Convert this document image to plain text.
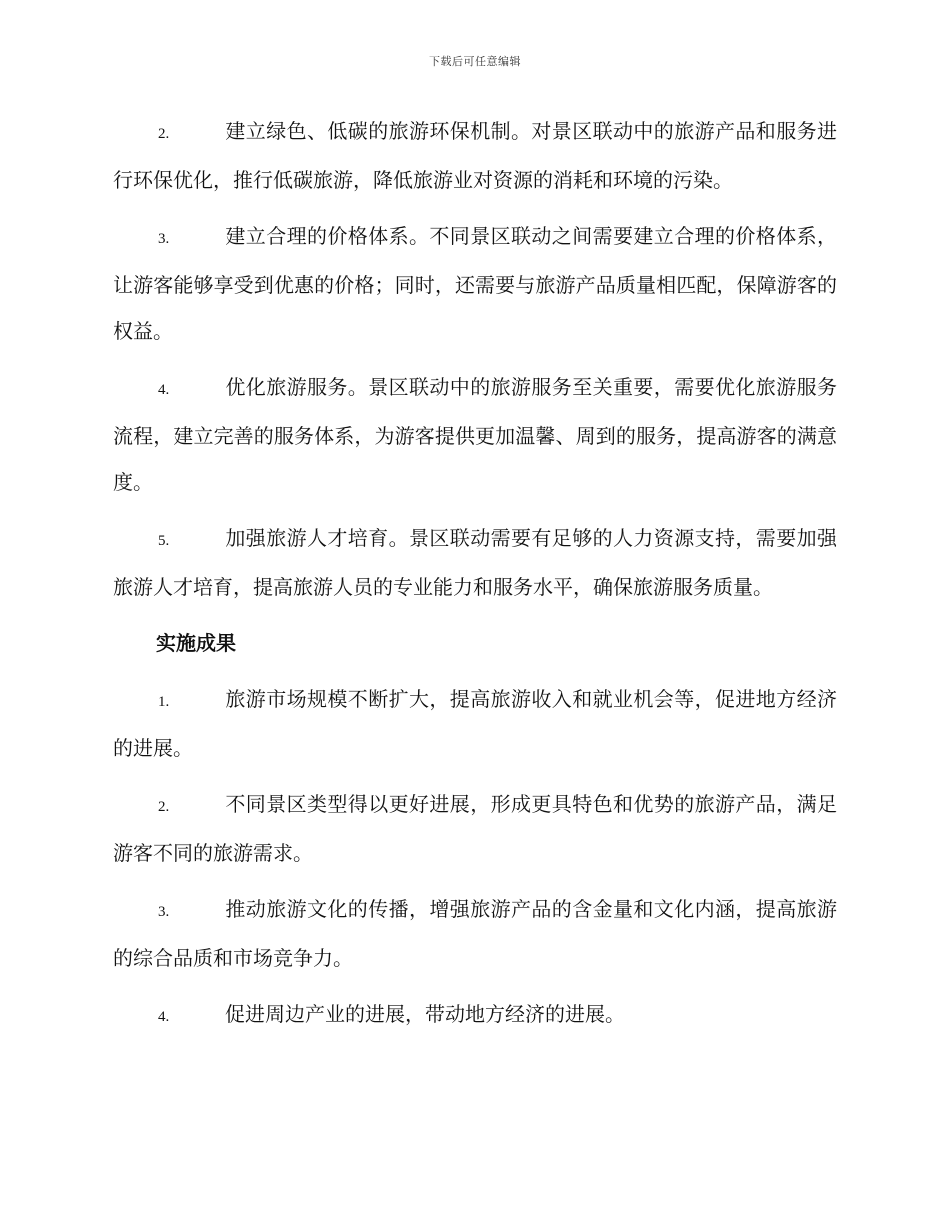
下载后可任意编辑

2.	建立绿色、低碳的旅游环保机制。对景区联动中的旅游产品和服务进行环保优化，推行低碳旅游，降低旅游业对资源的消耗和环境的污染。

3.	建立合理的价格体系。不同景区联动之间需要建立合理的价格体系，让游客能够享受到优惠的价格；同时，还需要与旅游产品质量相匹配，保障游客的权益。

4.	优化旅游服务。景区联动中的旅游服务至关重要，需要优化旅游服务流程，建立完善的服务体系，为游客提供更加温馨、周到的服务，提高游客的满意度。

5.	加强旅游人才培育。景区联动需要有足够的人力资源支持，需要加强旅游人才培育，提高旅游人员的专业能力和服务水平，确保旅游服务质量。

实施成果

1.	旅游市场规模不断扩大，提高旅游收入和就业机会等，促进地方经济的进展。

2.	不同景区类型得以更好进展，形成更具特色和优势的旅游产品，满足游客不同的旅游需求。

3.	推动旅游文化的传播，增强旅游产品的含金量和文化内涵，提高旅游的综合品质和市场竞争力。

4.	促进周边产业的进展，带动地方经济的进展。
